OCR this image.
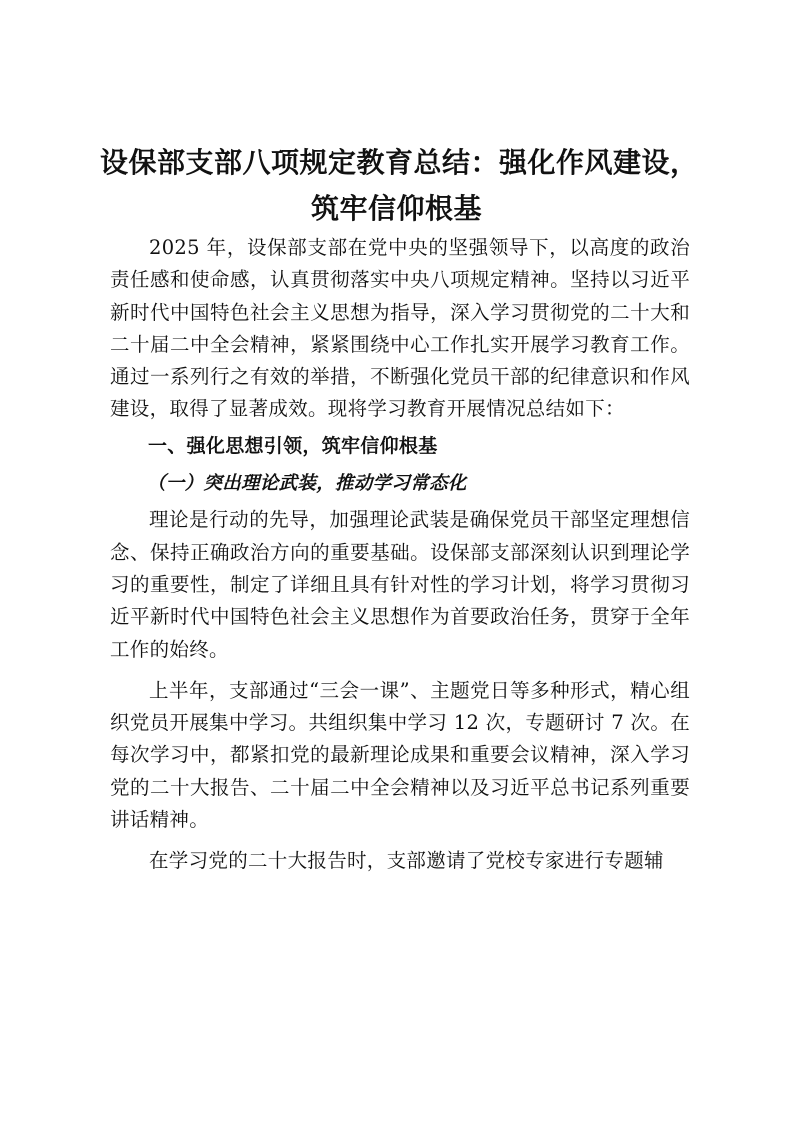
设保部支部八项规定教育总结：强化作风建设，
筑牢信仰根基

2025 年，设保部支部在党中央的坚强领导下，以高度的政治责任感和使命感，认真贯彻落实中央八项规定精神。坚持以习近平新时代中国特色社会主义思想为指导，深入学习贯彻党的二十大和二十届二中全会精神，紧紧围绕中心工作扎实开展学习教育工作。通过一系列行之有效的举措，不断强化党员干部的纪律意识和作风建设，取得了显著成效。现将学习教育开展情况总结如下：

一、强化思想引领，筑牢信仰根基

（一）突出理论武装，推动学习常态化

理论是行动的先导，加强理论武装是确保党员干部坚定理想信念、保持正确政治方向的重要基础。设保部支部深刻认识到理论学习的重要性，制定了详细且具有针对性的学习计划，将学习贯彻习近平新时代中国特色社会主义思想作为首要政治任务，贯穿于全年工作的始终。

上半年，支部通过“三会一课”、主题党日等多种形式，精心组织党员开展集中学习。共组织集中学习 12 次，专题研讨 7 次。在每次学习中，都紧扣党的最新理论成果和重要会议精神，深入学习党的二十大报告、二十届二中全会精神以及习近平总书记系列重要讲话精神。

在学习党的二十大报告时，支部邀请了党校专家进行专题辅
